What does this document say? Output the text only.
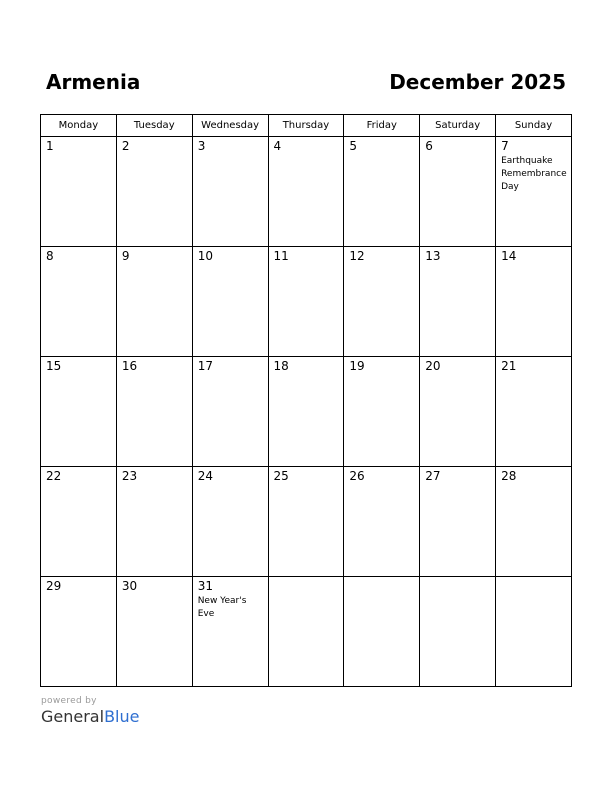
Armenia	December 2025
Monday	Tuesday	Wednesday	Thursday	Friday	Saturday	Sunday

1	2	3	4	5	6	7
Earthquake Remembrance Day

8	9	10	11	12	13	14

15	16	17	18	19	20	21

22	23	24	25	26	27	28

29	30	31
New Year's Eve				

powered by
GeneralBlue
